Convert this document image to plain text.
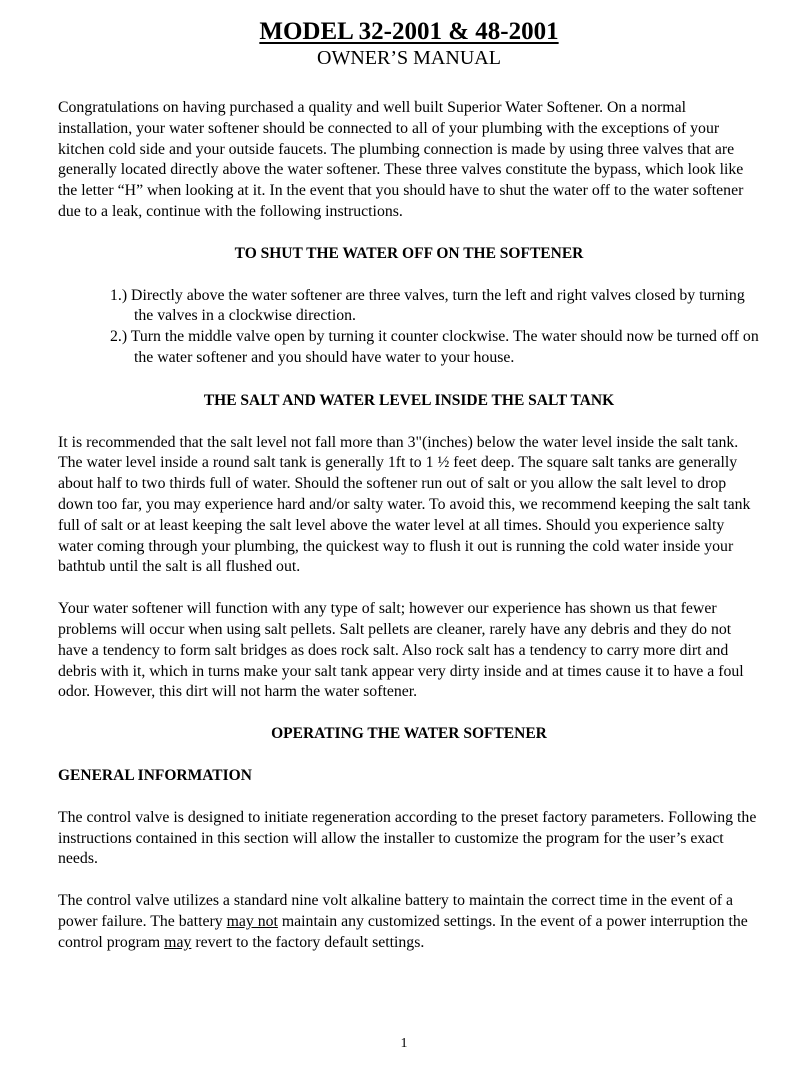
MODEL 32-2001 & 48-2001
OWNER’S MANUAL

Congratulations on having purchased a quality and well built Superior Water Softener. On a normal installation, your water softener should be connected to all of your plumbing with the exceptions of your kitchen cold side and your outside faucets. The plumbing connection is made by using three valves that are generally located directly above the water softener. These three valves constitute the bypass, which look like the letter “H” when looking at it. In the event that you should have to shut the water off to the water softener due to a leak, continue with the following instructions.

TO SHUT THE WATER OFF ON THE SOFTENER
1.) Directly above the water softener are three valves, turn the left and right valves closed by turning the valves in a clockwise direction.
2.) Turn the middle valve open by turning it counter clockwise. The water should now be turned off on the water softener and you should have water to your house.
THE SALT AND WATER LEVEL INSIDE THE SALT TANK

It is recommended that the salt level not fall more than 3"(inches) below the water level inside the salt tank. The water level inside a round salt tank is generally 1ft to 1 ½ feet deep. The square salt tanks are generally about half to two thirds full of water. Should the softener run out of salt or you allow the salt level to drop down too far, you may experience hard and/or salty water. To avoid this, we recommend keeping the salt tank full of salt or at least keeping the salt level above the water level at all times. Should you experience salty water coming through your plumbing, the quickest way to flush it out is running the cold water inside your bathtub until the salt is all flushed out.

Your water softener will function with any type of salt; however our experience has shown us that fewer problems will occur when using salt pellets. Salt pellets are cleaner, rarely have any debris and they do not have a tendency to form salt bridges as does rock salt. Also rock salt has a tendency to carry more dirt and debris with it, which in turns make your salt tank appear very dirty inside and at times cause it to have a foul odor. However, this dirt will not harm the water softener.

OPERATING THE WATER SOFTENER
GENERAL INFORMATION

The control valve is designed to initiate regeneration according to the preset factory parameters. Following the instructions contained in this section will allow the installer to customize the program for the user’s exact needs.

The control valve utilizes a standard nine volt alkaline battery to maintain the correct time in the event of a power failure. The battery may not maintain any customized settings. In the event of a power interruption the control program may revert to the factory default settings.

1
